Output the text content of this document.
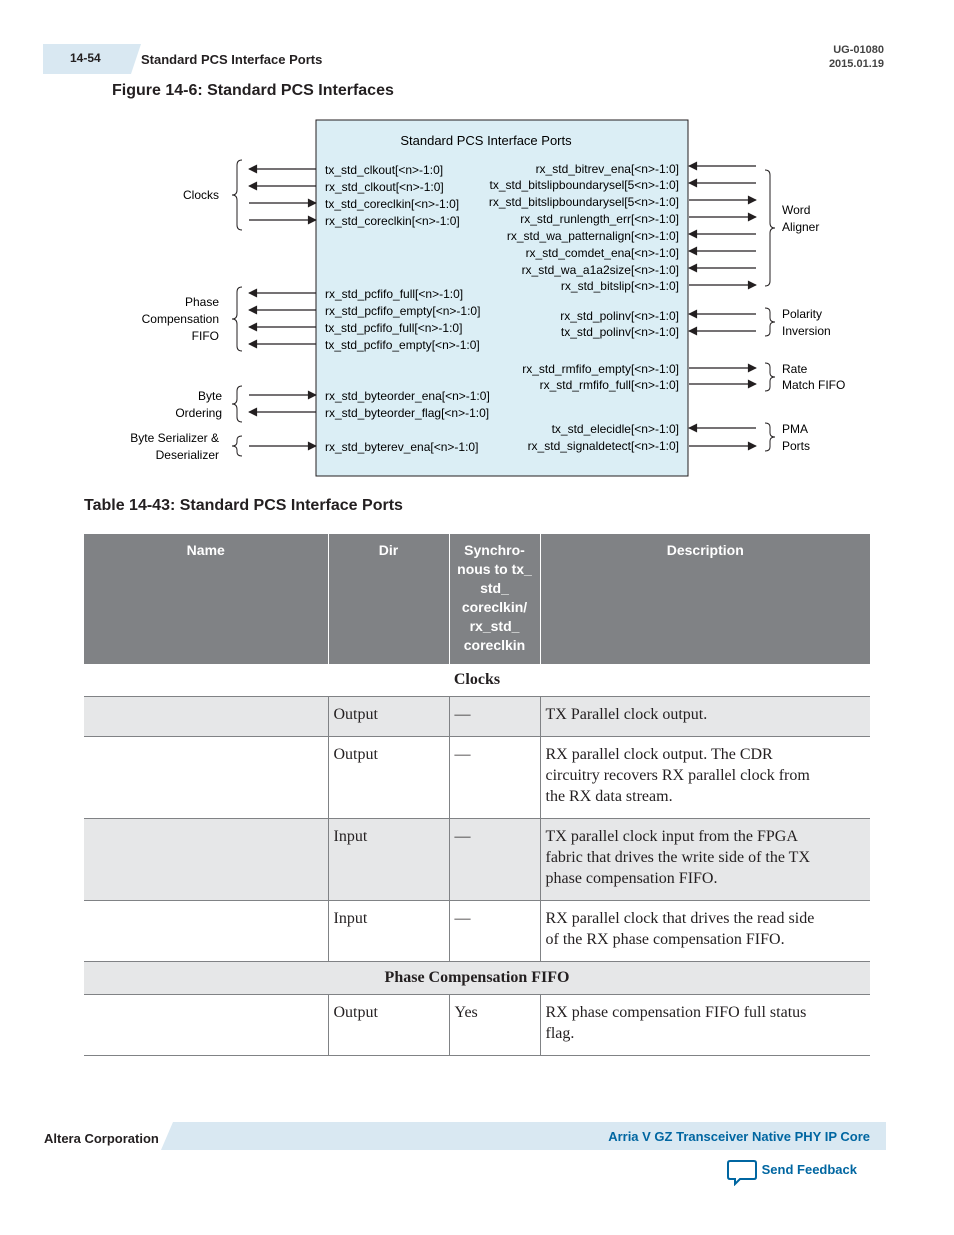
14-54	Standard PCS Interface Ports
UG-01080
2015.01.19
Figure 14-6: Standard PCS Interfaces
Standard PCS Interface Ports
tx_std_clkout[<n>-1:0]
rx_std_clkout[<n>-1:0]
tx_std_coreclkin[<n>-1:0]
rx_std_coreclkin[<n>-1:0]
rx_std_pcfifo_full[<n>-1:0]
rx_std_pcfifo_empty[<n>-1:0]
tx_std_pcfifo_full[<n>-1:0]
tx_std_pcfifo_empty[<n>-1:0]
rx_std_byteorder_ena[<n>-1:0]
rx_std_byteorder_flag[<n>-1:0]
rx_std_byterev_ena[<n>-1:0]
rx_std_bitrev_ena[<n>-1:0]
tx_std_bitslipboundarysel[5<n>-1:0]
rx_std_bitslipboundarysel[5<n>-1:0]
rx_std_runlength_err[<n>-1:0]
rx_std_wa_patternalign[<n>-1:0]
rx_std_comdet_ena[<n>-1:0]
rx_std_wa_a1a2size[<n>-1:0]
rx_std_bitslip[<n>-1:0]
rx_std_polinv[<n>-1:0]
tx_std_polinv[<n>-1:0]
rx_std_rmfifo_empty[<n>-1:0]
rx_std_rmfifo_full[<n>-1:0]
tx_std_elecidle[<n>-1:0]
rx_std_signaldetect[<n>-1:0]
Clocks
Phase
Compensation
FIFO
Byte
Ordering
Byte Serializer &
Deserializer
Word
Aligner
Polarity
Inversion
Rate
Match FIFO
PMA
Ports
Table 14-43: Standard PCS Interface Ports
Name	Dir	Synchro-nous to tx_ std_ coreclkin/ rx_std_ coreclkin	Description
Clocks			
	Output	—	TX Parallel clock output.
	Output	—	RX parallel clock output. The CDR circuitry recovers RX parallel clock from the RX data stream.
	Input	—	TX parallel clock input from the FPGA fabric that drives the write side of the TX phase compensation FIFO.
	Input	—	RX parallel clock that drives the read side of the RX phase compensation FIFO.
Phase Compensation FIFO			
	Output	Yes	RX phase compensation FIFO full status flag.
Altera Corporation	Arria V GZ Transceiver Native PHY IP Core
Send Feedback
